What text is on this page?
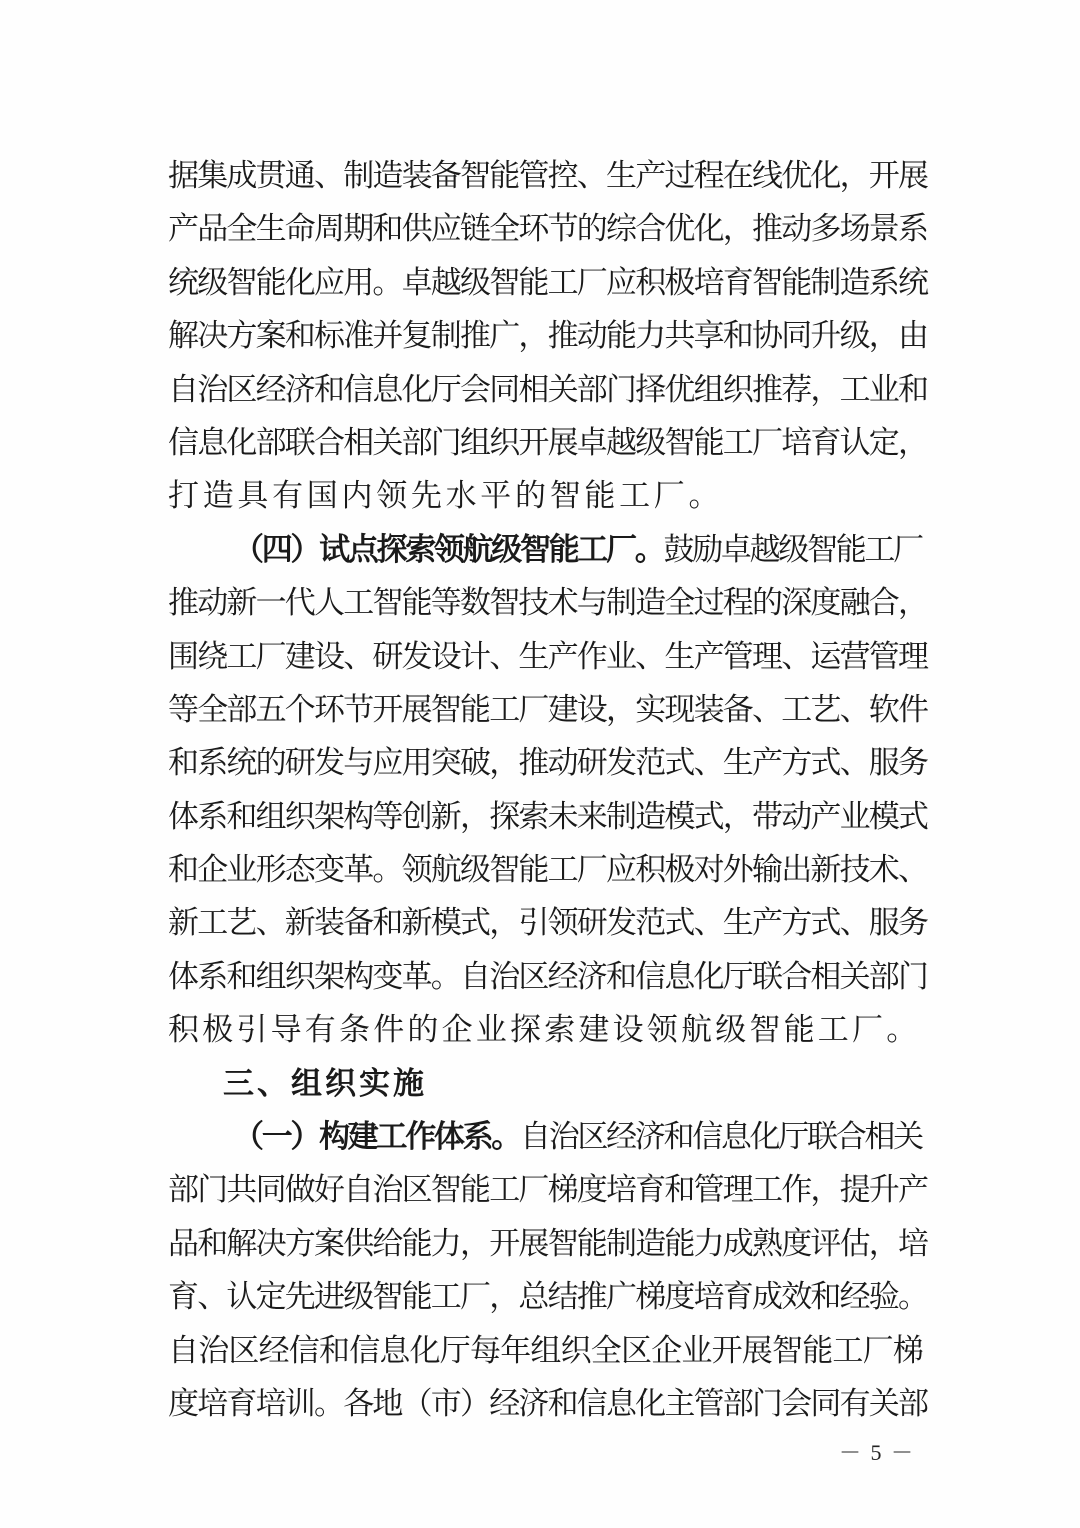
据集成贯通、制造装备智能管控、生产过程在线优化，开展
产品全生命周期和供应链全环节的综合优化，推动多场景系
统级智能化应用。卓越级智能工厂应积极培育智能制造系统
解决方案和标准并复制推广，推动能力共享和协同升级，由
自治区经济和信息化厅会同相关部门择优组织推荐，工业和
信息化部联合相关部门组织开展卓越级智能工厂培育认定，
打造具有国内领先水平的智能工厂。
（四）试点探索领航级智能工厂。鼓励卓越级智能工厂
推动新一代人工智能等数智技术与制造全过程的深度融合，
围绕工厂建设、研发设计、生产作业、生产管理、运营管理
等全部五个环节开展智能工厂建设，实现装备、工艺、软件
和系统的研发与应用突破，推动研发范式、生产方式、服务
体系和组织架构等创新，探索未来制造模式，带动产业模式
和企业形态变革。领航级智能工厂应积极对外输出新技术、
新工艺、新装备和新模式，引领研发范式、生产方式、服务
体系和组织架构变革。自治区经济和信息化厅联合相关部门
积极引导有条件的企业探索建设领航级智能工厂。
三、组织实施
（一）构建工作体系。自治区经济和信息化厅联合相关
部门共同做好自治区智能工厂梯度培育和管理工作，提升产
品和解决方案供给能力，开展智能制造能力成熟度评估，培
育、认定先进级智能工厂，总结推广梯度培育成效和经验。
自治区经信和信息化厅每年组织全区企业开展智能工厂梯
度培育培训。各地（市）经济和信息化主管部门会同有关部
－ 5 －
